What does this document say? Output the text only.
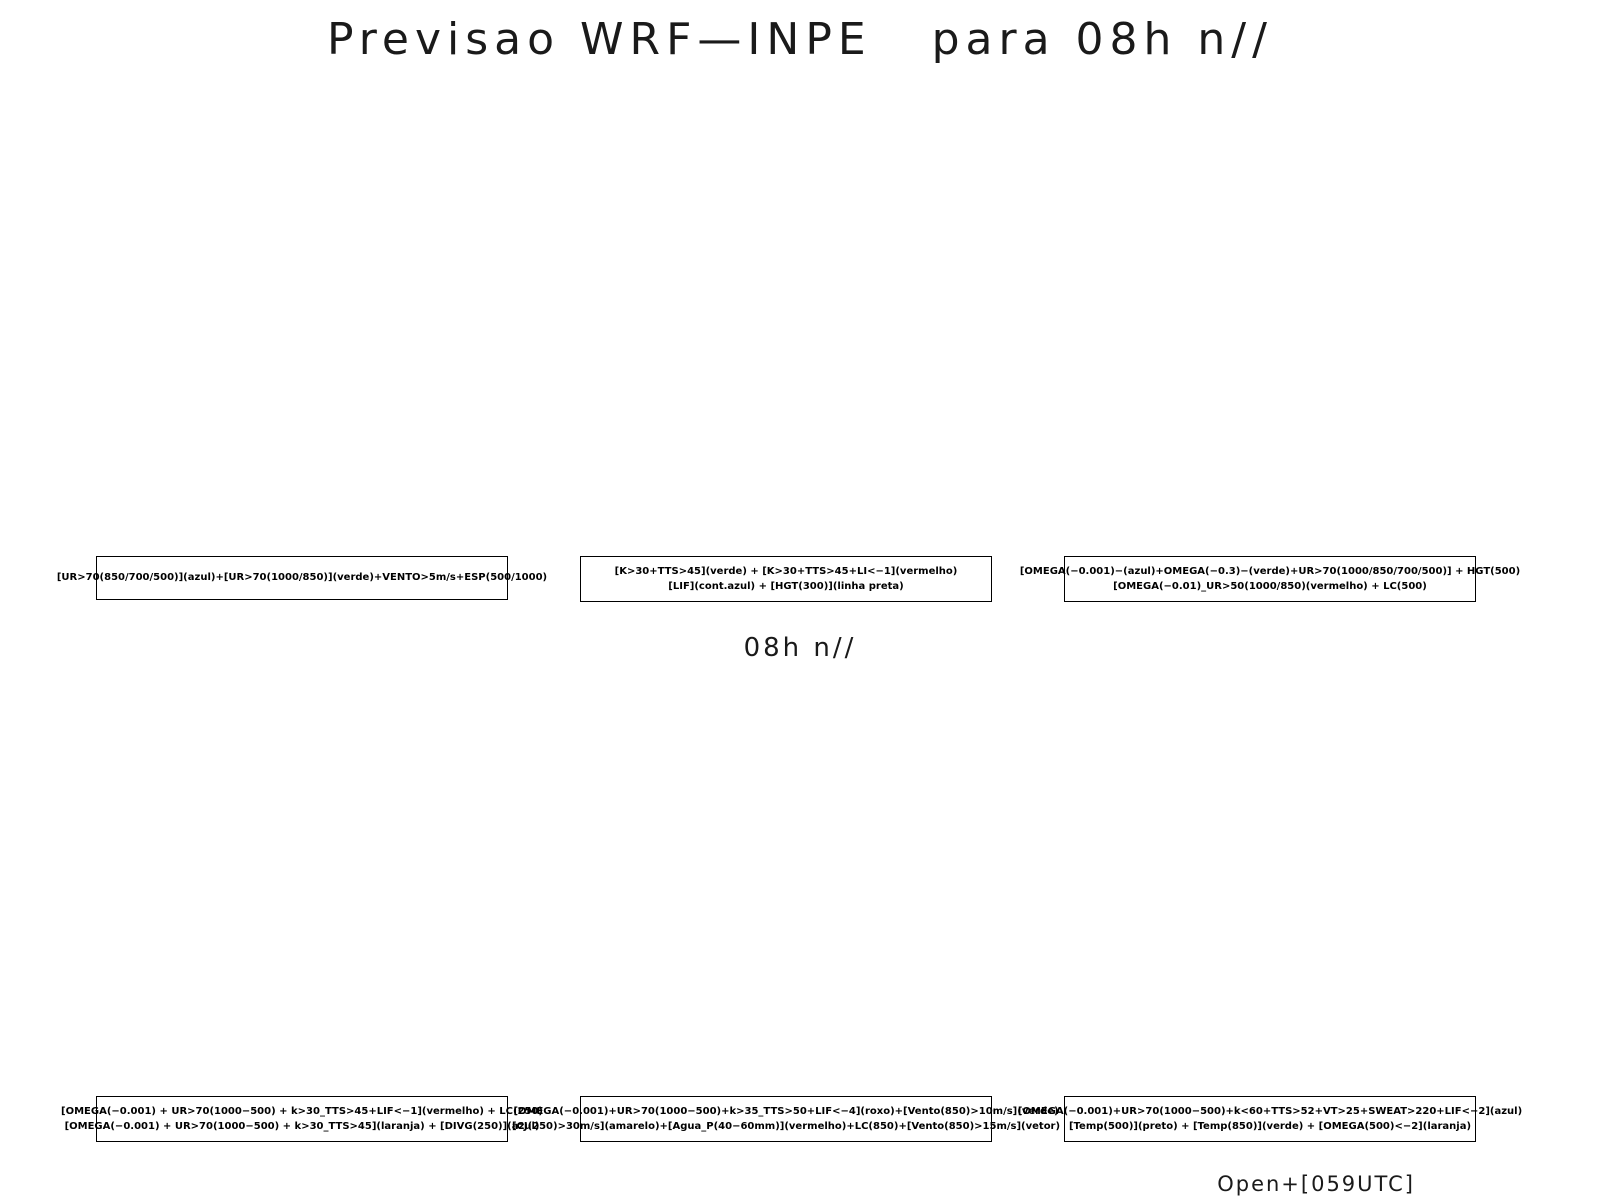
Previsao WRF—INPE   para 08h n//
[UR>70(850/700/500)](azul)+[UR>70(1000/850)](verde)+VENTO>5m/s+ESP(500/1000)
[K>30+TTS>45](verde) + [K>30+TTS>45+LI<−1](vermelho)
[LIF](cont.azul) + [HGT(300)](linha preta)
[OMEGA(−0.001)−(azul)+OMEGA(−0.3)−(verde)+UR>70(1000/850/700/500)] + HGT(500)
[OMEGA(−0.01)_UR>50(1000/850)(vermelho) + LC(500)
08h n//
[OMEGA(−0.001) + UR>70(1000−500) + k>30_TTS>45+LIF<−1](vermelho) + LC(250)
[OMEGA(−0.001) + UR>70(1000−500) + k>30_TTS>45](laranja) + [DIVG(250)](azul)
[OMEGA(−0.001)+UR>70(1000−500)+k>35_TTS>50+LIF<−4](roxo)+[Vento(850)>10m/s](verde)
[CJ(250)>30m/s](amarelo)+[Agua_P(40−60mm)](vermelho)+LC(850)+[Vento(850)>15m/s](vetor)
[OMEGA(−0.001)+UR>70(1000−500)+k<60+TTS>52+VT>25+SWEAT>220+LIF<−2](azul)
[Temp(500)](preto) + [Temp(850)](verde) + [OMEGA(500)<−2](laranja)
Open+[059UTC]
